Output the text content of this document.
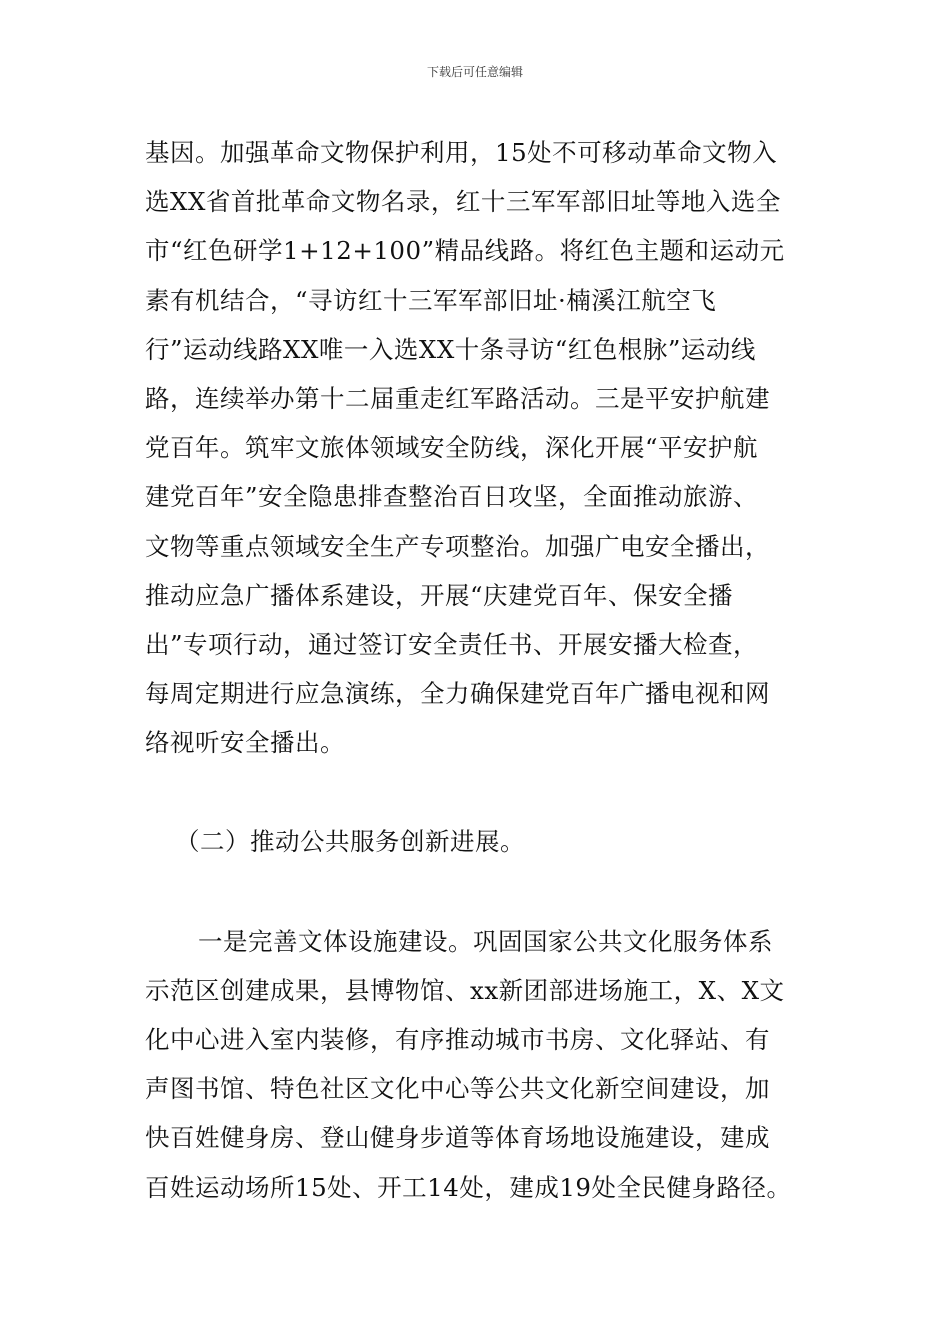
下载后可任意编辑
基因。加强革命文物保护利用，15处不可移动革命文物入
选XX省首批革命文物名录，红十三军军部旧址等地入选全
市“红色研学1+12+100”精品线路。将红色主题和运动元
素有机结合，“寻访红十三军军部旧址·楠溪江航空飞
行”运动线路XX唯一入选XX十条寻访“红色根脉”运动线
路，连续举办第十二届重走红军路活动。三是平安护航建
党百年。筑牢文旅体领域安全防线，深化开展“平安护航
建党百年”安全隐患排查整治百日攻坚，全面推动旅游、
文物等重点领域安全生产专项整治。加强广电安全播出，
推动应急广播体系建设，开展“庆建党百年、保安全播
出”专项行动，通过签订安全责任书、开展安播大检查，
每周定期进行应急演练，全力确保建党百年广播电视和网
络视听安全播出。
（二）推动公共服务创新进展。
一是完善文体设施建设。巩固国家公共文化服务体系
示范区创建成果，县博物馆、xx新团部进场施工，X、X文
化中心进入室内装修，有序推动城市书房、文化驿站、有
声图书馆、特色社区文化中心等公共文化新空间建设，加
快百姓健身房、登山健身步道等体育场地设施建设，建成
百姓运动场所15处、开工14处，建成19处全民健身路径。
